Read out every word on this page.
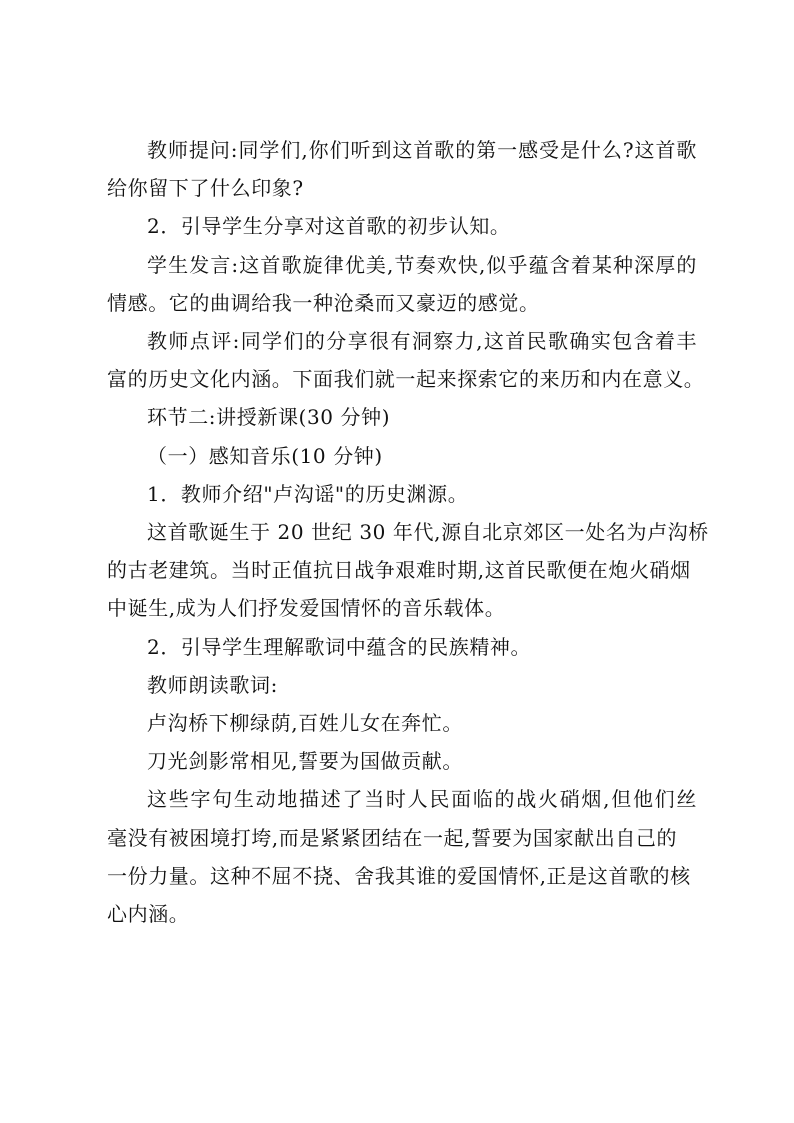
教师提问:同学们,你们听到这首歌的第一感受是什么?这首歌
给你留下了什么印象?

2．引导学生分享对这首歌的初步认知。

学生发言:这首歌旋律优美,节奏欢快,似乎蕴含着某种深厚的
情感。它的曲调给我一种沧桑而又豪迈的感觉。

教师点评:同学们的分享很有洞察力,这首民歌确实包含着丰
富的历史文化内涵。下面我们就一起来探索它的来历和内在意义。

环节二:讲授新课(30 分钟)

（一）感知音乐(10 分钟)

1．教师介绍"卢沟谣"的历史渊源。

这首歌诞生于 20 世纪 30 年代,源自北京郊区一处名为卢沟桥
的古老建筑。当时正值抗日战争艰难时期,这首民歌便在炮火硝烟
中诞生,成为人们抒发爱国情怀的音乐载体。

2．引导学生理解歌词中蕴含的民族精神。

教师朗读歌词:

卢沟桥下柳绿荫,百姓儿女在奔忙。

刀光剑影常相见,誓要为国做贡献。

这些字句生动地描述了当时人民面临的战火硝烟,但他们丝
毫没有被困境打垮,而是紧紧团结在一起,誓要为国家献出自己的
一份力量。这种不屈不挠、舍我其谁的爱国情怀,正是这首歌的核
心内涵。
